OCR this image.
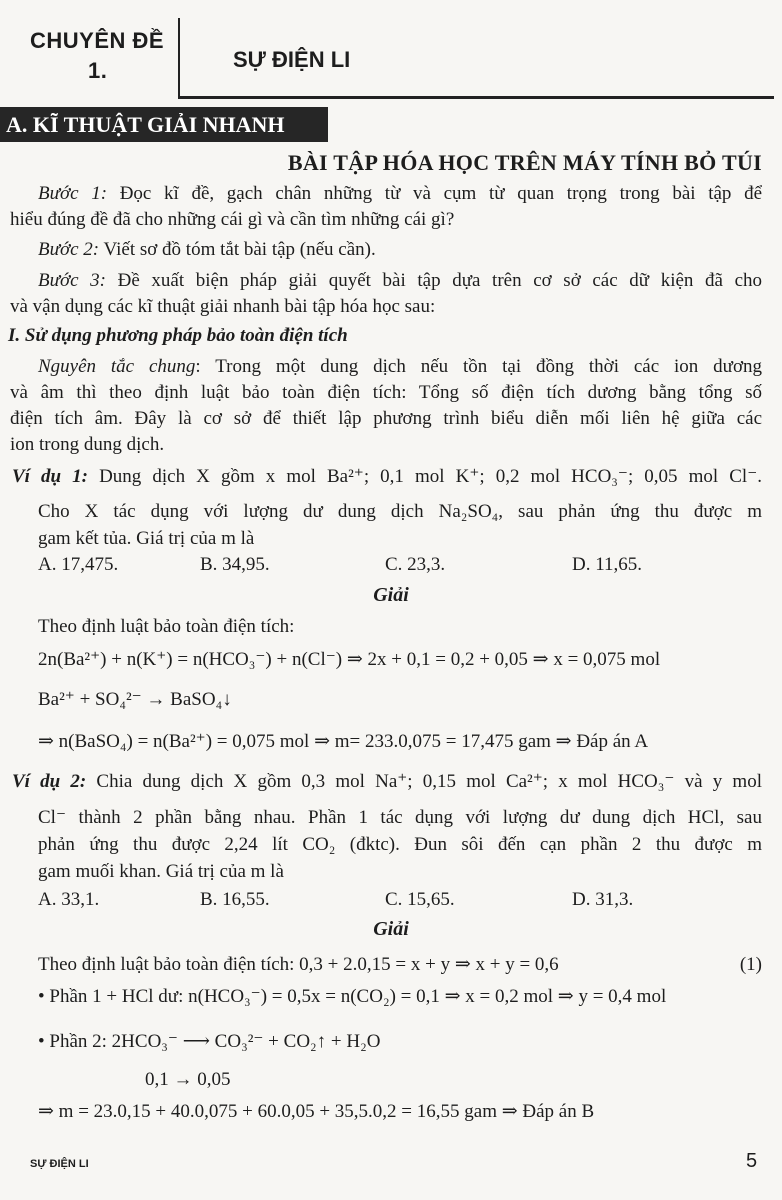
CHUYÊN ĐỀ
1.	SỰ ĐIỆN LI
A. KĨ THUẬT GIẢI NHANH
BÀI TẬP HÓA HỌC TRÊN MÁY TÍNH BỎ TÚI
Bước 1: Đọc kĩ đề, gạch chân những từ và cụm từ quan trọng trong bài tập để
hiểu đúng đề đã cho những cái gì và cần tìm những cái gì?
Bước 2: Viết sơ đồ tóm tắt bài tập (nếu cần).
Bước 3: Đề xuất biện pháp giải quyết bài tập dựa trên cơ sở các dữ kiện đã cho
và vận dụng các kĩ thuật giải nhanh bài tập hóa học sau:
I. Sử dụng phương pháp bảo toàn điện tích
Nguyên tắc chung: Trong một dung dịch nếu tồn tại đồng thời các ion dương
và âm thì theo định luật bảo toàn điện tích: Tổng số điện tích dương bằng tổng số
điện tích âm. Đây là cơ sở để thiết lập phương trình biểu diễn mối liên hệ giữa các
ion trong dung dịch.
Ví dụ 1: Dung dịch X gồm x mol Ba²⁺; 0,1 mol K⁺; 0,2 mol HCO₃⁻; 0,05 mol Cl⁻.
Cho X tác dụng với lượng dư dung dịch Na₂SO₄, sau phản ứng thu được m
gam kết tủa. Giá trị của m là
A. 17,475.	B. 34,95.	C. 23,3.	D. 11,65.
Giải
Theo định luật bảo toàn điện tích:
2n(Ba²⁺) + n(K⁺) = n(HCO₃⁻) + n(Cl⁻) ⇒ 2x + 0,1 = 0,2 + 0,05 ⇒ x = 0,075 mol
Ba²⁺ + SO₄²⁻ → BaSO₄↓
⇒ n(BaSO₄) = n(Ba²⁺) = 0,075 mol ⇒ m= 233.0,075 = 17,475 gam ⇒ Đáp án A
Ví dụ 2: Chia dung dịch X gồm 0,3 mol Na⁺; 0,15 mol Ca²⁺; x mol HCO₃⁻ và y mol
Cl⁻ thành 2 phần bằng nhau. Phần 1 tác dụng với lượng dư dung dịch HCl, sau
phản ứng thu được 2,24 lít CO₂ (đktc). Đun sôi đến cạn phần 2 thu được m
gam muối khan. Giá trị của m là
A. 33,1.	B. 16,55.	C. 15,65.	D. 31,3.
Giải
Theo định luật bảo toàn điện tích: 0,3 + 2.0,15 = x + y ⇒ x + y = 0,6	(1)
• Phần 1 + HCl dư: n(HCO₃⁻) = 0,5x = n(CO₂) = 0,1 ⇒ x = 0,2 mol ⇒ y = 0,4 mol
• Phần 2: 2HCO₃⁻ ⟶ CO₃²⁻ + CO₂↑ + H₂O
0,1 → 0,05
⇒ m = 23.0,15 + 40.0,075 + 60.0,05 + 35,5.0,2 = 16,55 gam ⇒ Đáp án B
SỰ ĐIỆN LI	5
